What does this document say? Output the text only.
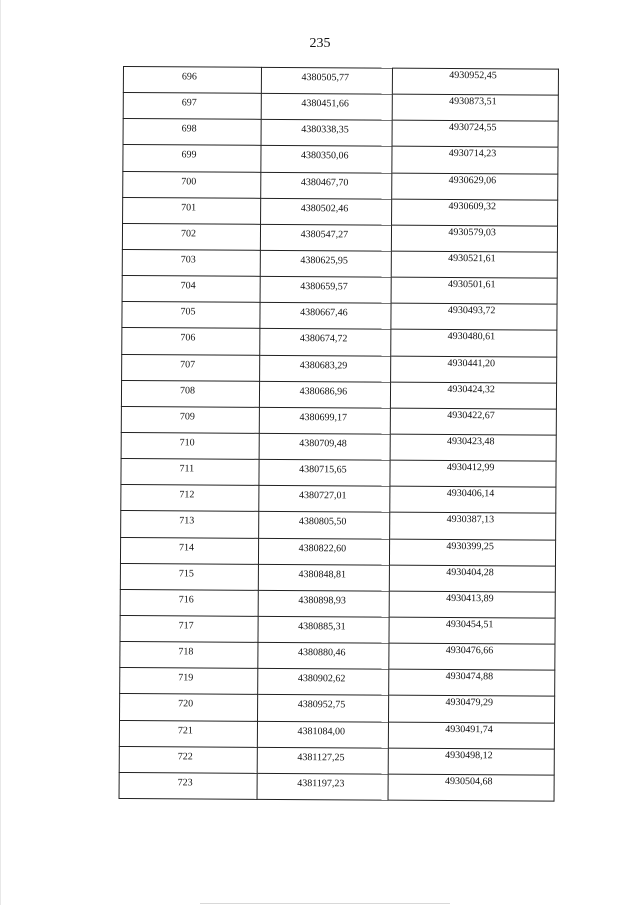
235
696	4380505,77	4930952,45
697	4380451,66	4930873,51
698	4380338,35	4930724,55
699	4380350,06	4930714,23
700	4380467,70	4930629,06
701	4380502,46	4930609,32
702	4380547,27	4930579,03
703	4380625,95	4930521,61
704	4380659,57	4930501,61
705	4380667,46	4930493,72
706	4380674,72	4930480,61
707	4380683,29	4930441,20
708	4380686,96	4930424,32
709	4380699,17	4930422,67
710	4380709,48	4930423,48
711	4380715,65	4930412,99
712	4380727,01	4930406,14
713	4380805,50	4930387,13
714	4380822,60	4930399,25
715	4380848,81	4930404,28
716	4380898,93	4930413,89
717	4380885,31	4930454,51
718	4380880,46	4930476,66
719	4380902,62	4930474,88
720	4380952,75	4930479,29
721	4381084,00	4930491,74
722	4381127,25	4930498,12
723	4381197,23	4930504,68
